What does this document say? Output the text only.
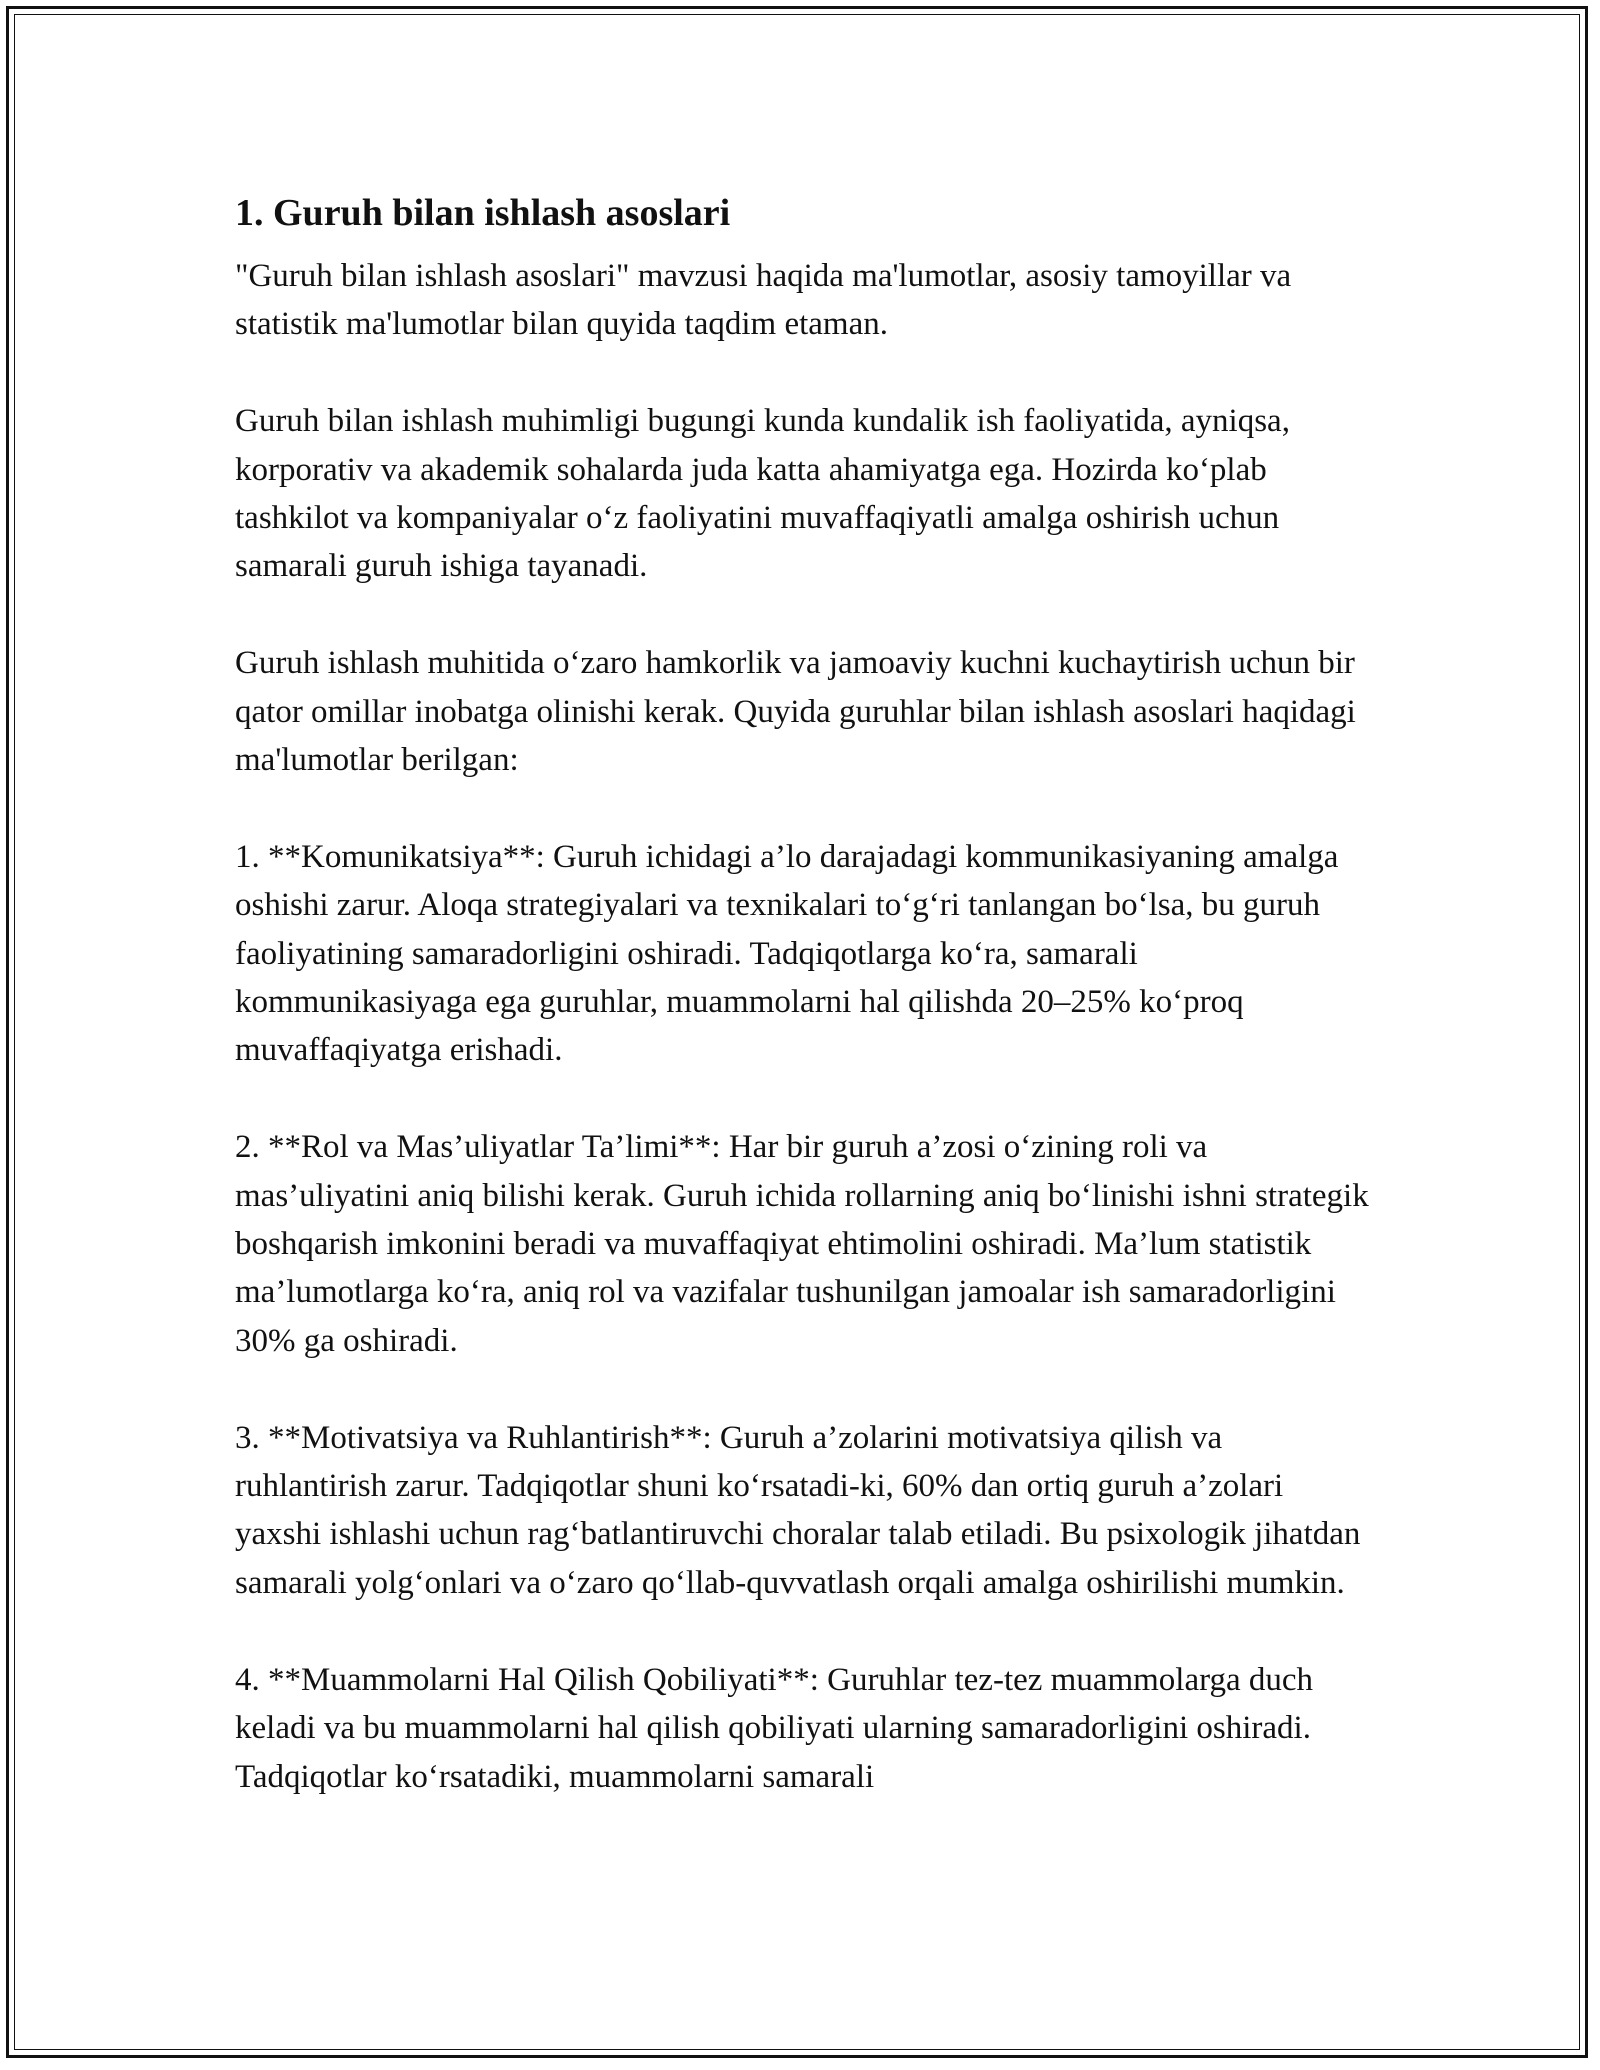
1. Guruh bilan ishlash asoslari

"Guruh bilan ishlash asoslari" mavzusi haqida ma'lumotlar, asosiy tamoyillar va statistik ma'lumotlar bilan quyida taqdim etaman.

Guruh bilan ishlash muhimligi bugungi kunda kundalik ish faoliyatida, ayniqsa, korporativ va akademik sohalarda juda katta ahamiyatga ega. Hozirda koʻplab tashkilot va kompaniyalar oʻz faoliyatini muvaffaqiyatli amalga oshirish uchun samarali guruh ishiga tayanadi.

Guruh ishlash muhitida oʻzaro hamkorlik va jamoaviy kuchni kuchaytirish uchun bir qator omillar inobatga olinishi kerak. Quyida guruhlar bilan ishlash asoslari haqidagi ma'lumotlar berilgan:

1. **Komunikatsiya**: Guruh ichidagi a’lo darajadagi kommunikasiyaning amalga oshishi zarur. Aloqa strategiyalari va texnikalari toʻgʻri tanlangan boʻlsa, bu guruh faoliyatining samaradorligini oshiradi. Tadqiqotlarga koʻra, samarali kommunikasiyaga ega guruhlar, muammolarni hal qilishda 20–25% koʻproq muvaffaqiyatga erishadi.

2. **Rol va Mas’uliyatlar Ta’limi**: Har bir guruh a’zosi oʻzining roli va mas’uliyatini aniq bilishi kerak. Guruh ichida rollarning aniq boʻlinishi ishni strategik boshqarish imkonini beradi va muvaffaqiyat ehtimolini oshiradi. Ma’lum statistik ma’lumotlarga koʻra, aniq rol va vazifalar tushunilgan jamoalar ish samaradorligini 30% ga oshiradi.

3. **Motivatsiya va Ruhlantirish**: Guruh a’zolarini motivatsiya qilish va ruhlantirish zarur. Tadqiqotlar shuni koʻrsatadi-ki, 60% dan ortiq guruh a’zolari yaxshi ishlashi uchun ragʻbatlantiruvchi choralar talab etiladi. Bu psixologik jihatdan samarali yolgʻonlari va oʻzaro qoʻllab-quvvatlash orqali amalga oshirilishi mumkin.

4. **Muammolarni Hal Qilish Qobiliyati**: Guruhlar tez-tez muammolarga duch keladi va bu muammolarni hal qilish qobiliyati ularning samaradorligini oshiradi. Tadqiqotlar koʻrsatadiki, muammolarni samarali
